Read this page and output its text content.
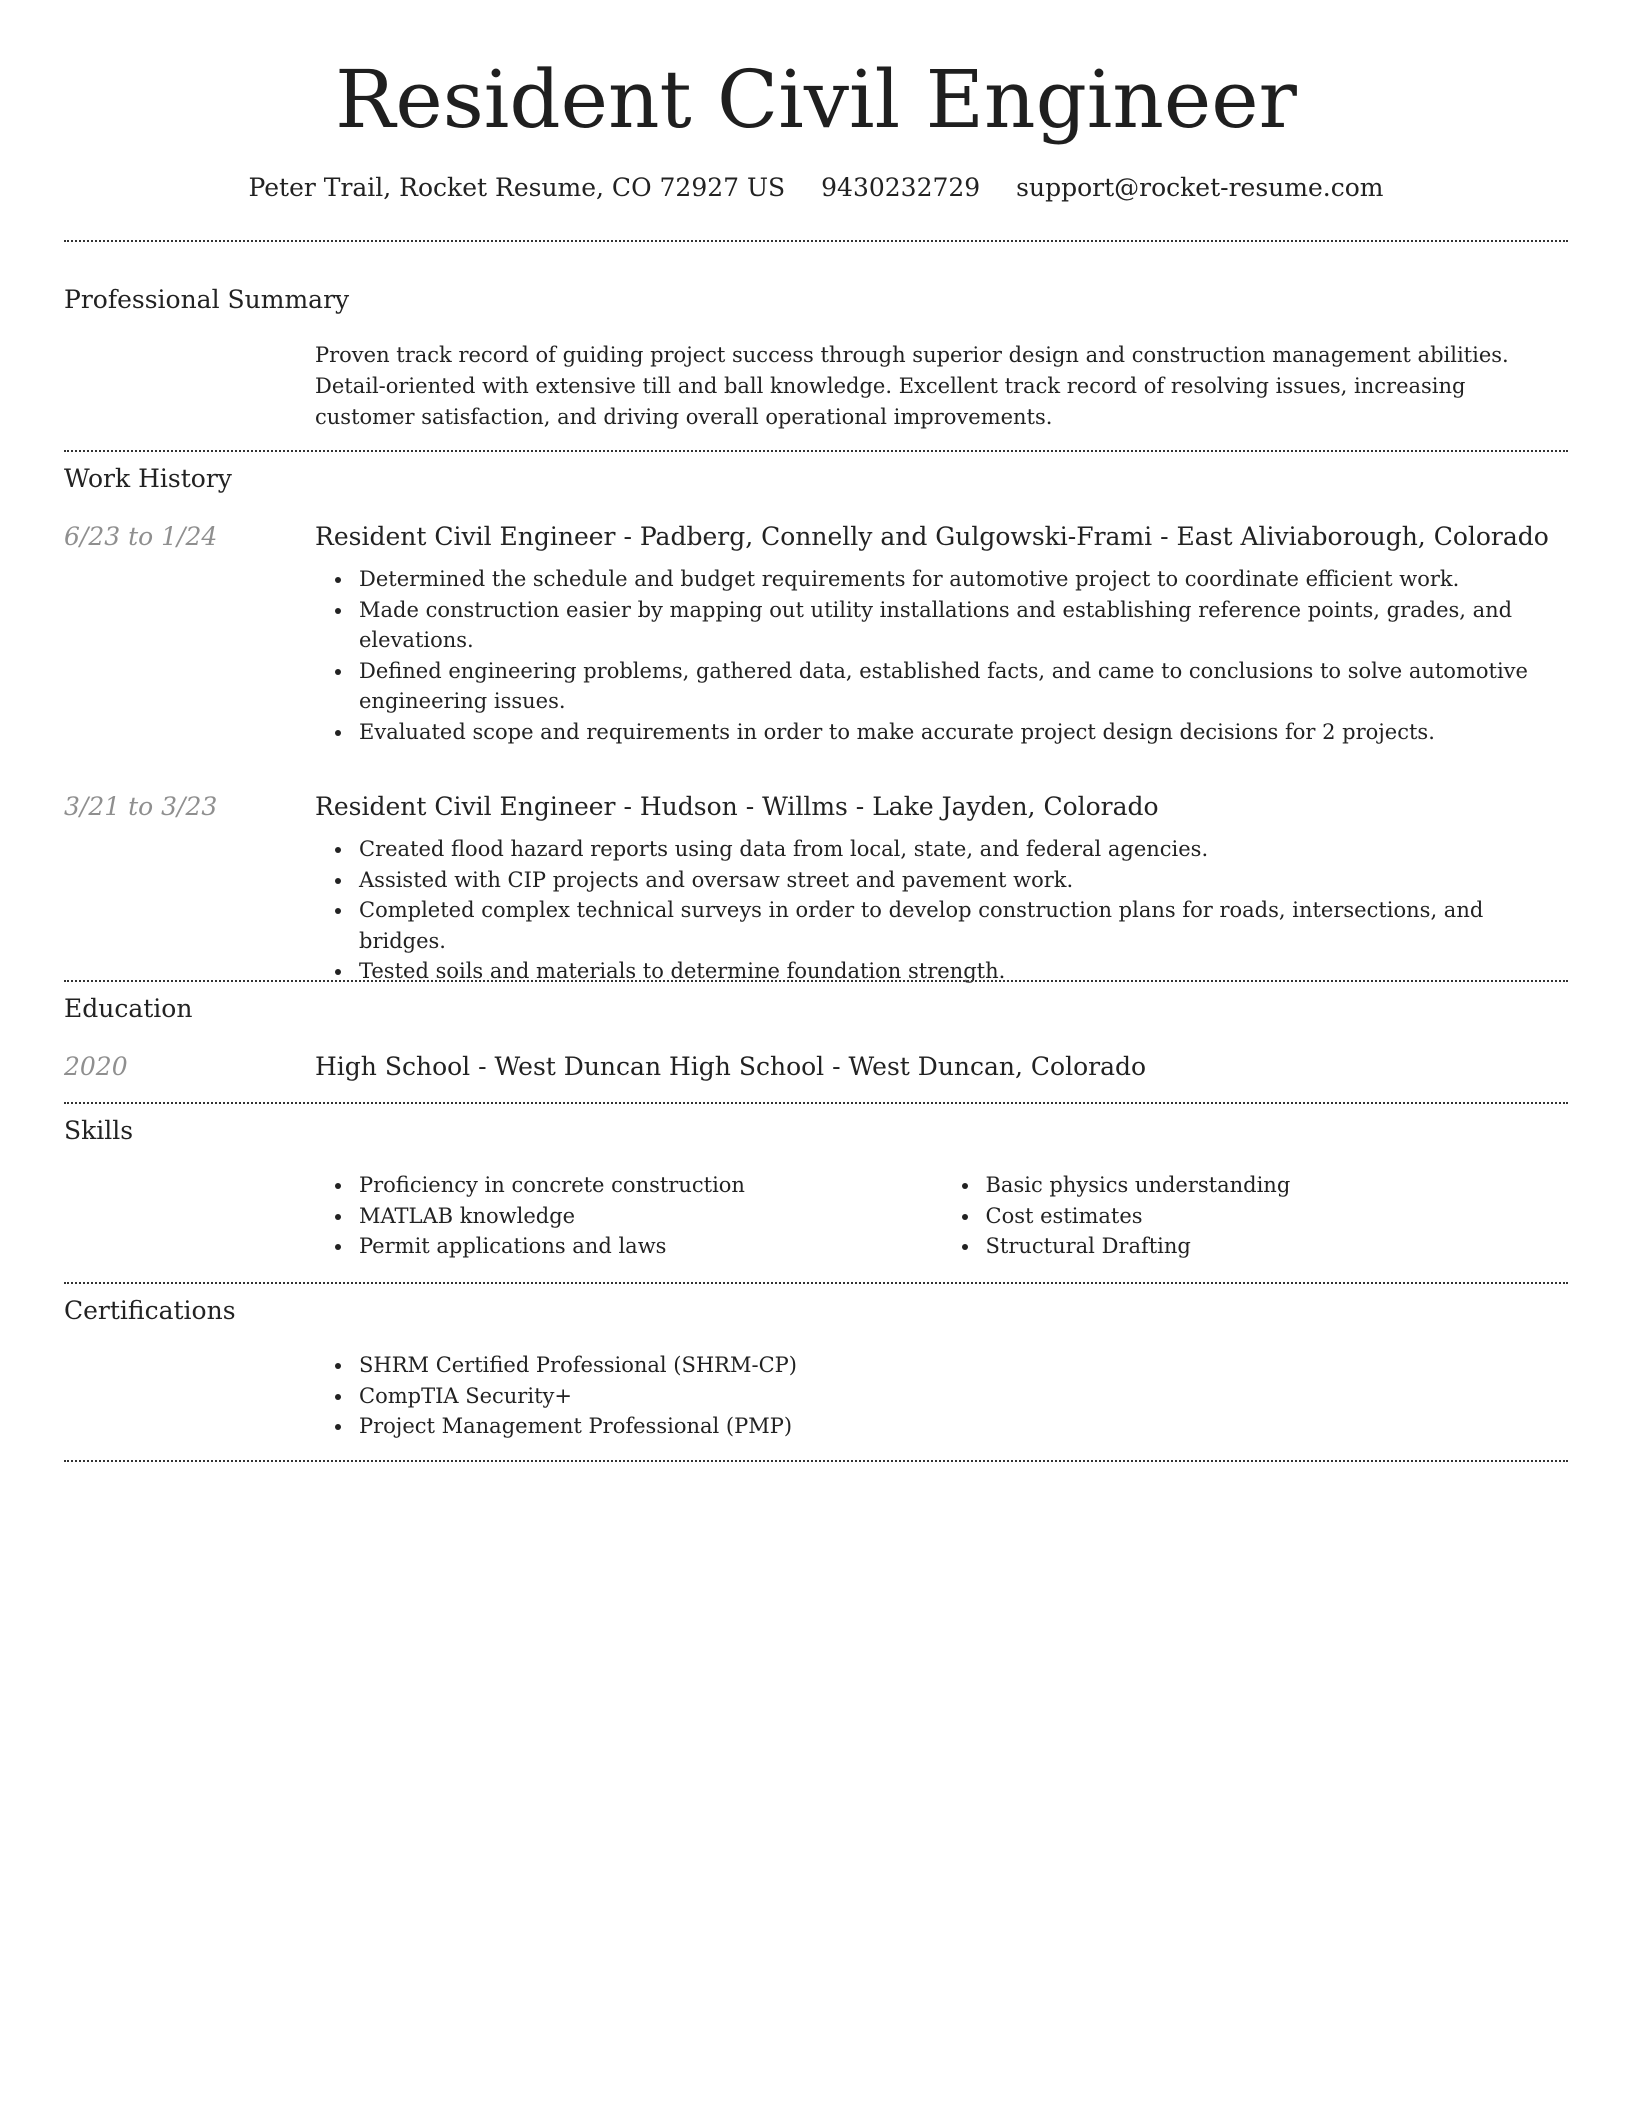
Resident Civil Engineer
Peter Trail, Rocket Resume, CO 72927 US 9430232729 support@rocket-resume.com
Professional Summary

Proven track record of guiding project success through superior design and construction management abilities. Detail-oriented with extensive till and ball knowledge. Excellent track record of resolving issues, increasing customer satisfaction, and driving overall operational improvements.

Work History
6/23 to 1/24	Resident Civil Engineer - Padberg, Connelly and Gulgowski-Frami - East Aliviaborough, Colorado

Determined the schedule and budget requirements for automotive project to coordinate efficient work.
Made construction easier by mapping out utility installations and establishing reference points, grades, and elevations.
Defined engineering problems, gathered data, established facts, and came to conclusions to solve automotive engineering issues.
Evaluated scope and requirements in order to make accurate project design decisions for 2 projects.
3/21 to 3/23	Resident Civil Engineer - Hudson - Willms - Lake Jayden, Colorado

Created flood hazard reports using data from local, state, and federal agencies.
Assisted with CIP projects and oversaw street and pavement work.
Completed complex technical surveys in order to develop construction plans for roads, intersections, and bridges.
Tested soils and materials to determine foundation strength.
Education
2020	High School - West Duncan High School - West Duncan, Colorado

Skills
Proficiency in concrete construction
MATLAB knowledge
Permit applications and laws
Basic physics understanding
Cost estimates
Structural Drafting
Certifications
SHRM Certified Professional (SHRM-CP)
CompTIA Security+
Project Management Professional (PMP)
